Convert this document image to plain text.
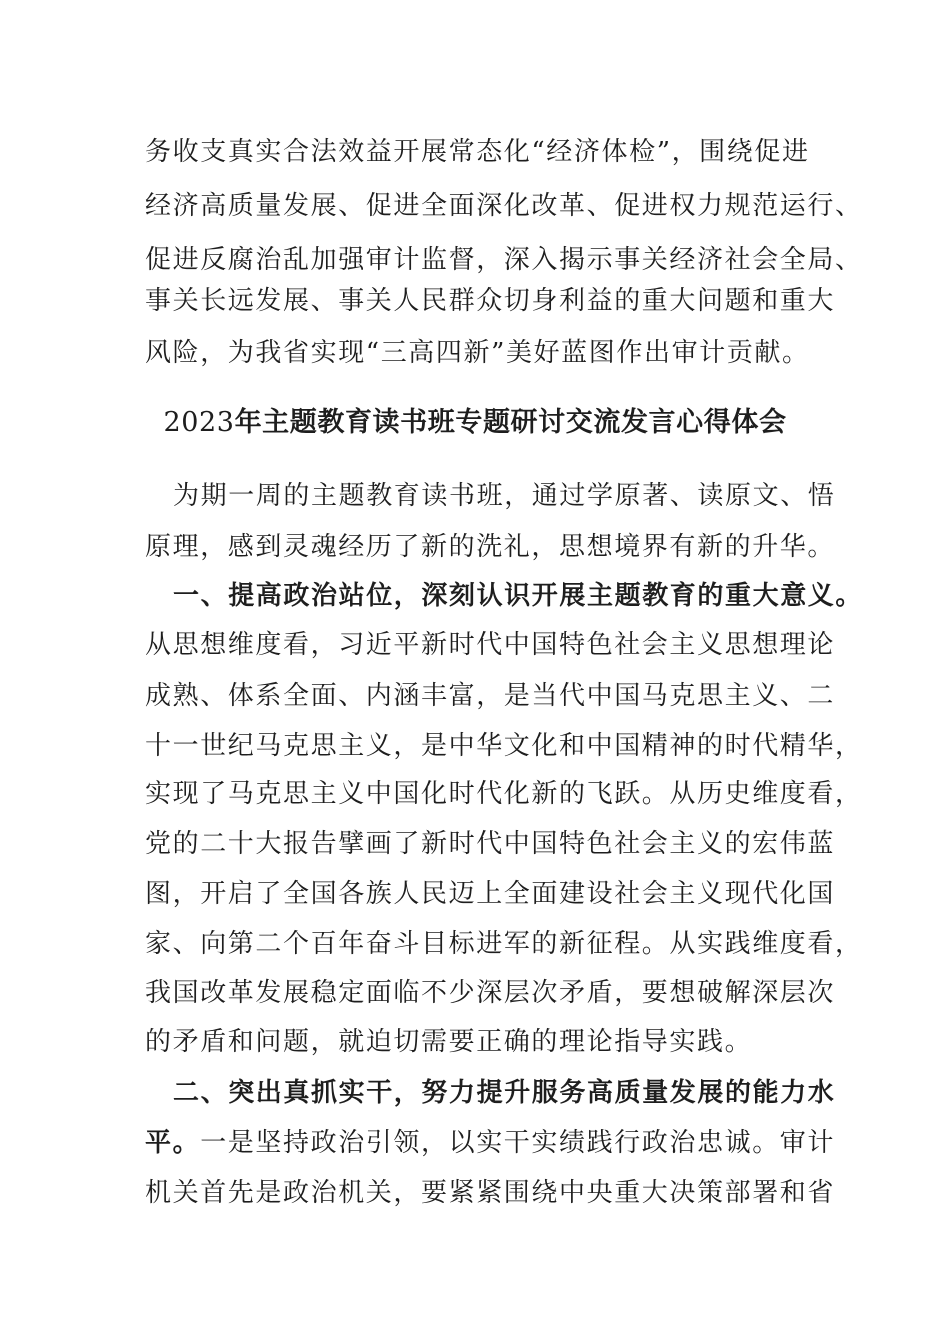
务收支真实合法效益开展常态化“经济体检”，围绕促进
经济高质量发展、促进全面深化改革、促进权力规范运行、
促进反腐治乱加强审计监督，深入揭示事关经济社会全局、
事关长远发展、事关人民群众切身利益的重大问题和重大
风险，为我省实现“三高四新”美好蓝图作出审计贡献。
2023年主题教育读书班专题研讨交流发言心得体会
为期一周的主题教育读书班，通过学原著、读原文、悟
原理，感到灵魂经历了新的洗礼，思想境界有新的升华。
一、提高政治站位，深刻认识开展主题教育的重大意义。
从思想维度看，习近平新时代中国特色社会主义思想理论
成熟、体系全面、内涵丰富，是当代中国马克思主义、二
十一世纪马克思主义，是中华文化和中国精神的时代精华，
实现了马克思主义中国化时代化新的飞跃。从历史维度看，
党的二十大报告擘画了新时代中国特色社会主义的宏伟蓝
图，开启了全国各族人民迈上全面建设社会主义现代化国
家、向第二个百年奋斗目标进军的新征程。从实践维度看，
我国改革发展稳定面临不少深层次矛盾，要想破解深层次
的矛盾和问题，就迫切需要正确的理论指导实践。
二、突出真抓实干，努力提升服务高质量发展的能力水
平。一是坚持政治引领，以实干实绩践行政治忠诚。审计
机关首先是政治机关，要紧紧围绕中央重大决策部署和省
